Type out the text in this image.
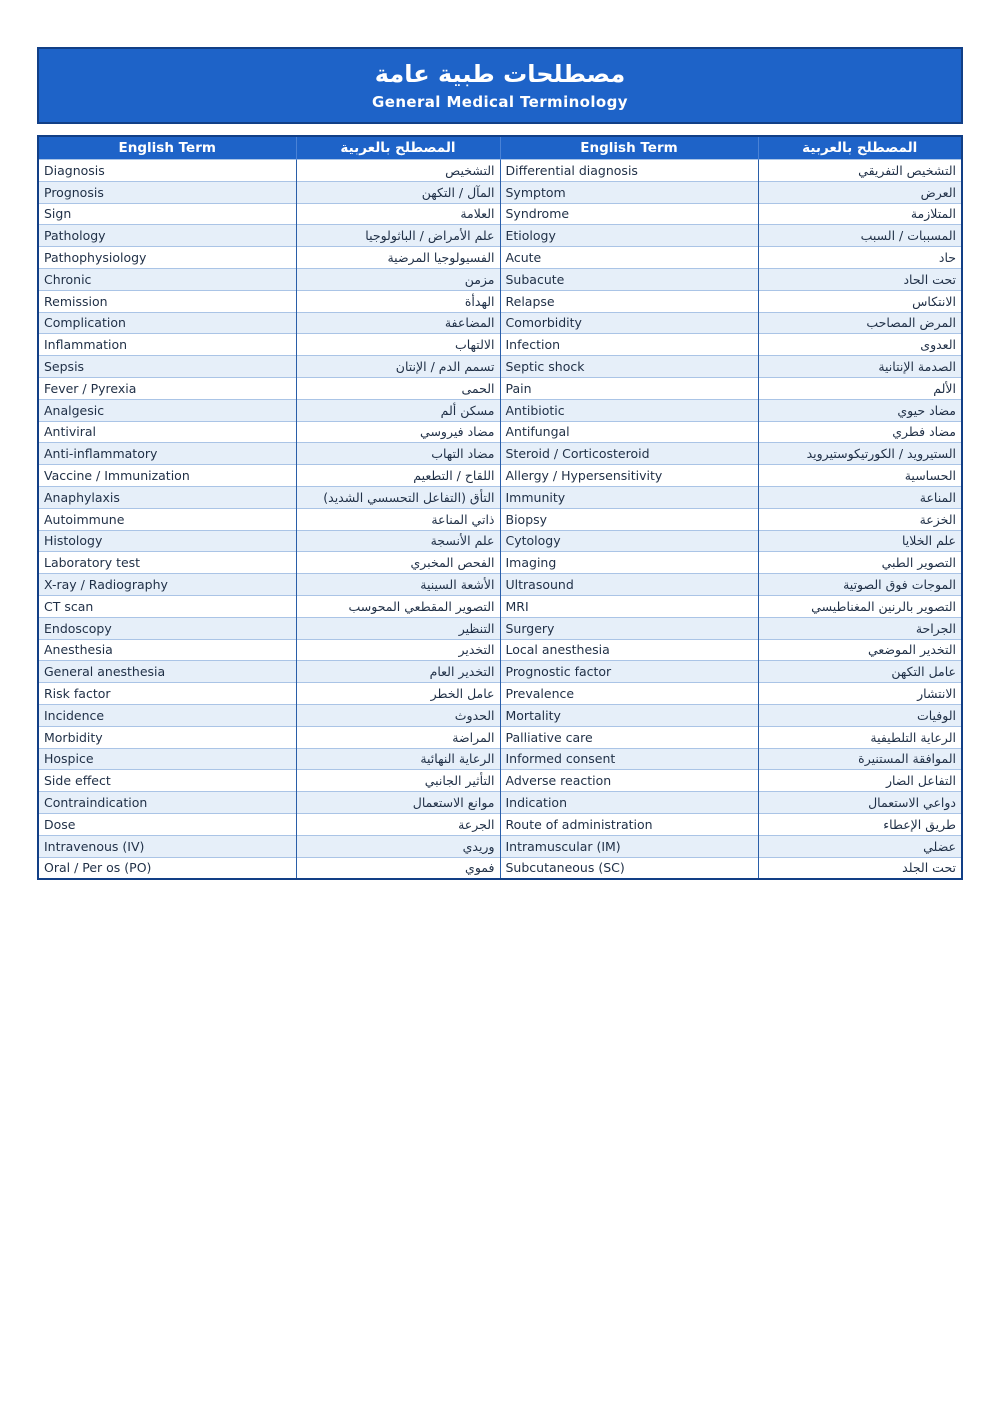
مصطلحات طبية عامة
General Medical Terminology
English Term	المصطلح بالعربية	English Term	المصطلح بالعربية
Diagnosis	التشخيص	Differential diagnosis	التشخيص التفريقي
Prognosis	المآل / التكهن	Symptom	العرض
Sign	العلامة	Syndrome	المتلازمة
Pathology	علم الأمراض / الباثولوجيا	Etiology	المسببات / السبب
Pathophysiology	الفسيولوجيا المرضية	Acute	حاد
Chronic	مزمن	Subacute	تحت الحاد
Remission	الهدأة	Relapse	الانتكاس
Complication	المضاعفة	Comorbidity	المرض المصاحب
Inflammation	الالتهاب	Infection	العدوى
Sepsis	تسمم الدم / الإنتان	Septic shock	الصدمة الإنتانية
Fever / Pyrexia	الحمى	Pain	الألم
Analgesic	مسكن ألم	Antibiotic	مضاد حيوي
Antiviral	مضاد فيروسي	Antifungal	مضاد فطري
Anti-inflammatory	مضاد التهاب	Steroid / Corticosteroid	الستيرويد / الكورتيكوستيرويد
Vaccine / Immunization	اللقاح / التطعيم	Allergy / Hypersensitivity	الحساسية
Anaphylaxis	التأق (التفاعل التحسسي الشديد)	Immunity	المناعة
Autoimmune	ذاتي المناعة	Biopsy	الخزعة
Histology	علم الأنسجة	Cytology	علم الخلايا
Laboratory test	الفحص المخبري	Imaging	التصوير الطبي
X-ray / Radiography	الأشعة السينية	Ultrasound	الموجات فوق الصوتية
CT scan	التصوير المقطعي المحوسب	MRI	التصوير بالرنين المغناطيسي
Endoscopy	التنظير	Surgery	الجراحة
Anesthesia	التخدير	Local anesthesia	التخدير الموضعي
General anesthesia	التخدير العام	Prognostic factor	عامل التكهن
Risk factor	عامل الخطر	Prevalence	الانتشار
Incidence	الحدوث	Mortality	الوفيات
Morbidity	المراضة	Palliative care	الرعاية التلطيفية
Hospice	الرعاية النهائية	Informed consent	الموافقة المستنيرة
Side effect	التأثير الجانبي	Adverse reaction	التفاعل الضار
Contraindication	موانع الاستعمال	Indication	دواعي الاستعمال
Dose	الجرعة	Route of administration	طريق الإعطاء
Intravenous (IV)	وريدي	Intramuscular (IM)	عضلي
Oral / Per os (PO)	فموي	Subcutaneous (SC)	تحت الجلد
